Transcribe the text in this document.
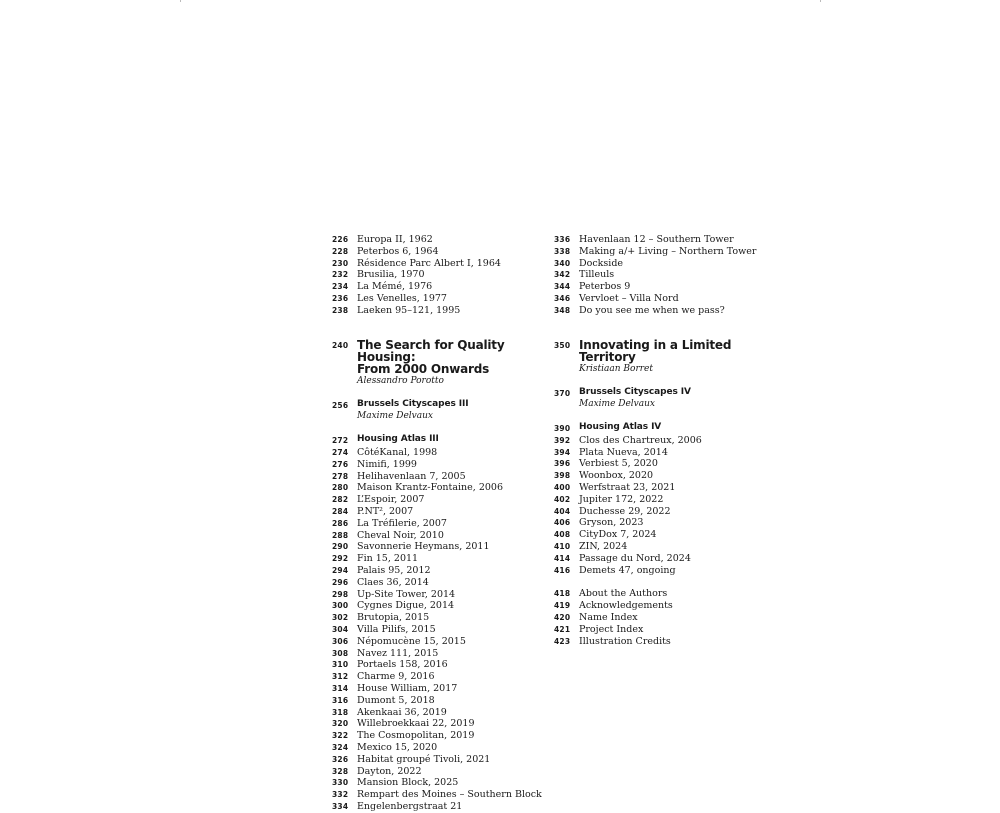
226 Europa II, 1962
228 Peterbos 6, 1964
230 Résidence Parc Albert I, 1964
232 Brusilia, 1970
234 La Mémé, 1976
236 Les Venelles, 1977
238 Laeken 95–121, 1995
240 The Search for Quality Housing:
From 2000 Onwards
Alessandro Porotto
256 Brussels Cityscapes III
Maxime Delvaux
272 Housing Atlas III
274 CôtéKanal, 1998
276 Nimifi, 1999
278 Helihavenlaan 7, 2005
280 Maison Krantz-Fontaine, 2006
282 L’Espoir, 2007
284 P.NT², 2007
286 La Tréfilerie, 2007
288 Cheval Noir, 2010
290 Savonnerie Heymans, 2011
292 Fin 15, 2011
294 Palais 95, 2012
296 Claes 36, 2014
298 Up-Site Tower, 2014
300 Cygnes Digue, 2014
302 Brutopia, 2015
304 Villa Pilifs, 2015
306 Népomucène 15, 2015
308 Navez 111, 2015
310 Portaels 158, 2016
312 Charme 9, 2016
314 House William, 2017
316 Dumont 5, 2018
318 Akenkaai 36, 2019
320 Willebroekkaai 22, 2019
322 The Cosmopolitan, 2019
324 Mexico 15, 2020
326 Habitat groupé Tivoli, 2021
328 Dayton, 2022
330 Mansion Block, 2025
332 Rempart des Moines – Southern Block
334 Engelenbergstraat 21
336 Havenlaan 12 – Southern Tower
338 Making a/+ Living – Northern Tower
340 Dockside
342 Tilleuls
344 Peterbos 9
346 Vervloet – Villa Nord
348 Do you see me when we pass?
350 Innovating in a Limited
Territory
Kristiaan Borret
370 Brussels Cityscapes IV
Maxime Delvaux
390 Housing Atlas IV
392 Clos des Chartreux, 2006
394 Plata Nueva, 2014
396 Verbiest 5, 2020
398 Woonbox, 2020
400 Werfstraat 23, 2021
402 Jupiter 172, 2022
404 Duchesse 29, 2022
406 Gryson, 2023
408 CityDox 7, 2024
410 ZIN, 2024
414 Passage du Nord, 2024
416 Demets 47, ongoing
418 About the Authors
419 Acknowledgements
420 Name Index
421 Project Index
423 Illustration Credits
